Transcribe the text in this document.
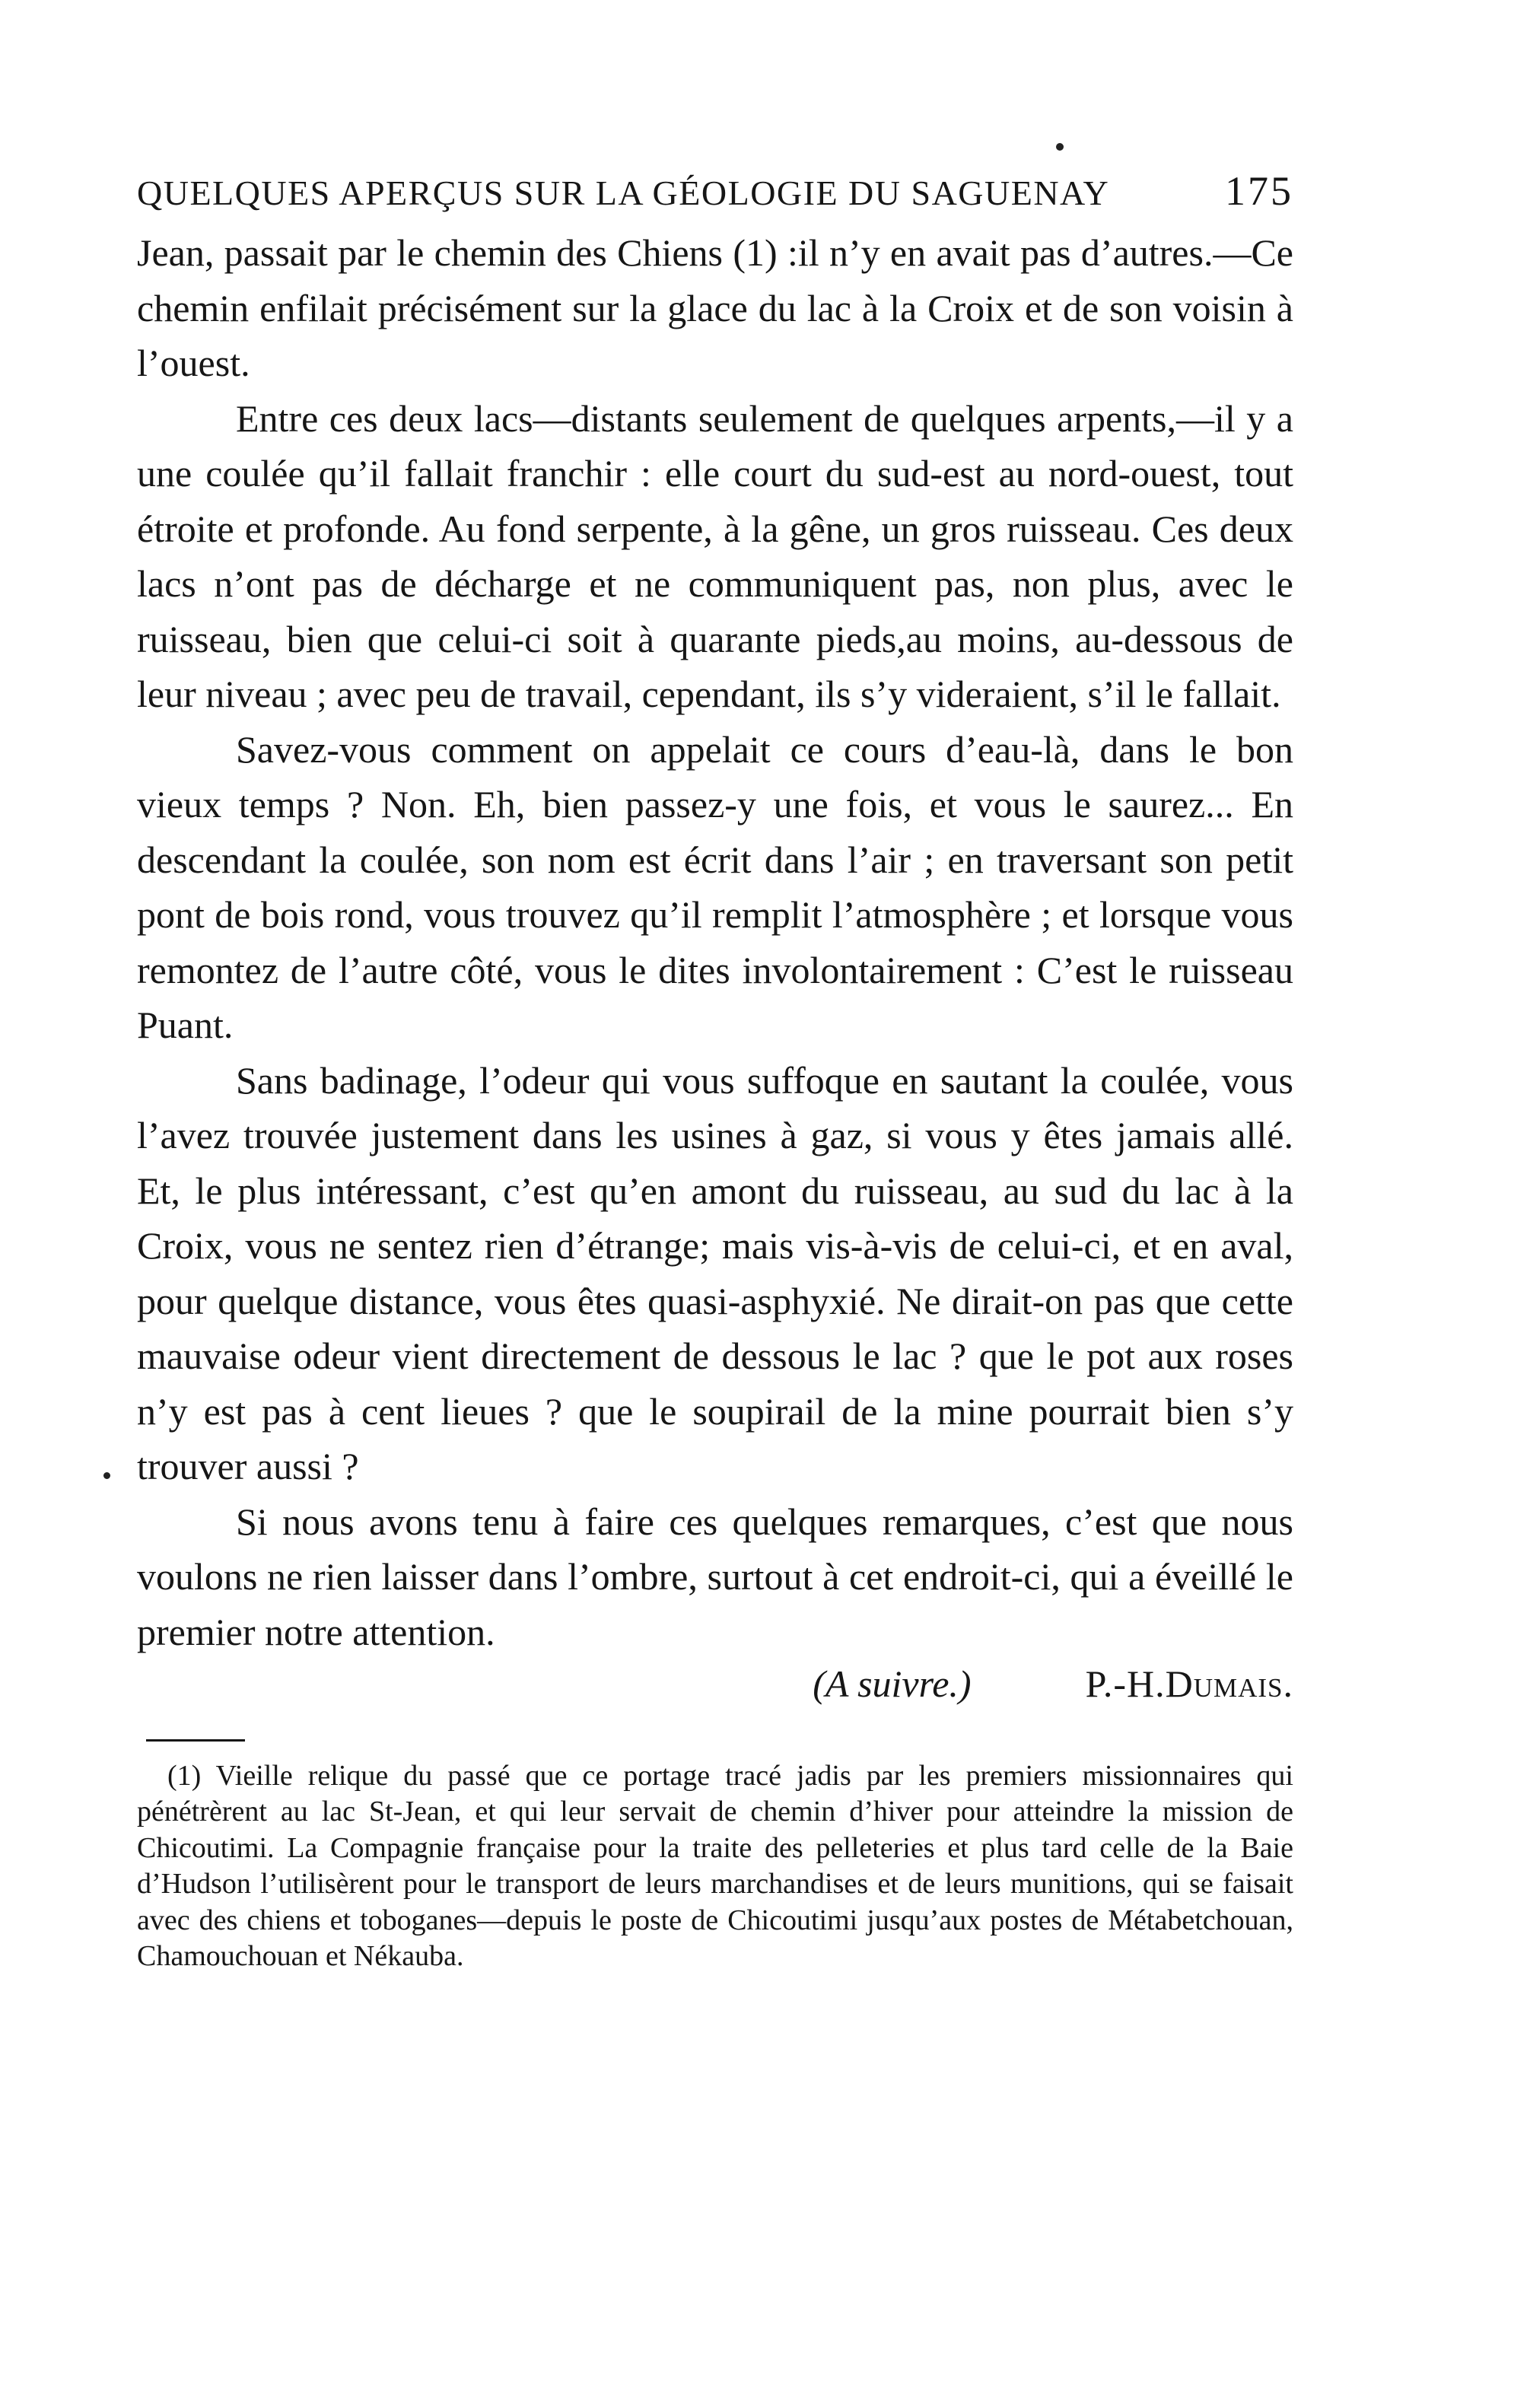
QUELQUES APERÇUS SUR LA GÉOLOGIE DU SAGUENAY	175

Jean, passait par le chemin des Chiens (1) :il n’y en avait pas d’autres.—Ce chemin enfilait précisément sur la glace du lac à la Croix et de son voisin à l’ouest.

Entre ces deux lacs—distants seulement de quelques arpents,—il y a une coulée qu’il fallait franchir : elle court du sud-est au nord-ouest, tout étroite et profonde. Au fond serpente, à la gêne, un gros ruisseau. Ces deux lacs n’ont pas de décharge et ne communiquent pas, non plus, avec le ruisseau, bien que celui-ci soit à quarante pieds,au moins, au-dessous de leur niveau ; avec peu de travail, cependant, ils s’y videraient, s’il le fallait.

Savez-vous comment on appelait ce cours d’eau-là, dans le bon vieux temps ? Non. Eh, bien passez-y une fois, et vous le saurez... En descendant la coulée, son nom est écrit dans l’air ; en traversant son petit pont de bois rond, vous trouvez qu’il remplit l’atmosphère ; et lorsque vous remontez de l’autre côté, vous le dites involontairement : C’est le ruisseau Puant.

Sans badinage, l’odeur qui vous suffoque en sautant la coulée, vous l’avez trouvée justement dans les usines à gaz, si vous y êtes jamais allé. Et, le plus intéressant, c’est qu’en amont du ruisseau, au sud du lac à la Croix, vous ne sentez rien d’étrange; mais vis-à-vis de celui-ci, et en aval, pour quelque distance, vous êtes quasi-asphyxié. Ne dirait-on pas que cette mauvaise odeur vient directement de dessous le lac ? que le pot aux roses n’y est pas à cent lieues ? que le soupirail de la mine pourrait bien s’y trouver aussi ?

Si nous avons tenu à faire ces quelques remarques, c’est que nous voulons ne rien laisser dans l’ombre, surtout à cet endroit-ci, qui a éveillé le premier notre attention.

(A suivre.)	P.-H.Dumais.

(1) Vieille relique du passé que ce portage tracé jadis par les premiers missionnaires qui pénétrèrent au lac St-Jean, et qui leur servait de chemin d’hiver pour atteindre la mission de Chicoutimi. La Compagnie française pour la traite des pelleteries et plus tard celle de la Baie d’Hudson l’utilisèrent pour le transport de leurs marchandises et de leurs munitions, qui se faisait avec des chiens et toboganes—depuis le poste de Chicoutimi jusqu’aux postes de Métabetchouan, Chamouchouan et Nékauba.
